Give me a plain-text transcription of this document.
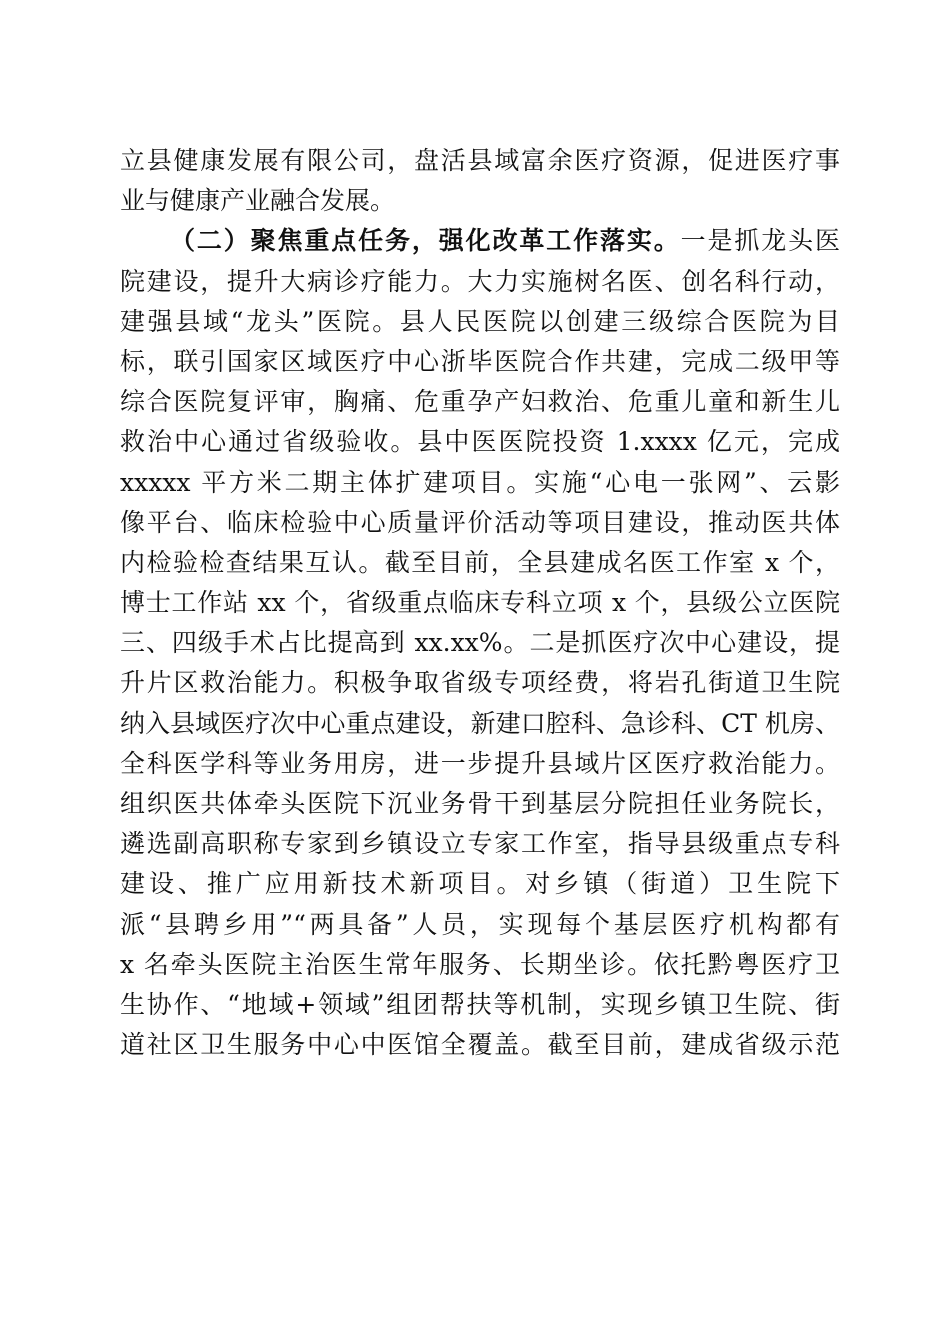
立县健康发展有限公司，盘活县域富余医疗资源，促进医疗事
业与健康产业融合发展。
（二）聚焦重点任务，强化改革工作落实。一是抓龙头医
院建设，提升大病诊疗能力。大力实施树名医、创名科行动，
建强县域“龙头”医院。县人民医院以创建三级综合医院为目
标，联引国家区域医疗中心浙毕医院合作共建，完成二级甲等
综合医院复评审，胸痛、危重孕产妇救治、危重儿童和新生儿
救治中心通过省级验收。县中医医院投资 1.xxxx 亿元，完成
xxxxx 平方米二期主体扩建项目。实施“心电一张网”、云影
像平台、临床检验中心质量评价活动等项目建设，推动医共体
内检验检查结果互认。截至目前，全县建成名医工作室 x 个，
博士工作站 xx 个，省级重点临床专科立项 x 个，县级公立医院
三、四级手术占比提高到 xx.xx%。二是抓医疗次中心建设，提
升片区救治能力。积极争取省级专项经费，将岩孔街道卫生院
纳入县域医疗次中心重点建设，新建口腔科、急诊科、CT 机房、
全科医学科等业务用房，进一步提升县域片区医疗救治能力。
组织医共体牵头医院下沉业务骨干到基层分院担任业务院长，
遴选副高职称专家到乡镇设立专家工作室，指导县级重点专科
建设、推广应用新技术新项目。对乡镇（街道）卫生院下
派“县聘乡用”“两具备”人员，实现每个基层医疗机构都有
x 名牵头医院主治医生常年服务、长期坐诊。依托黔粤医疗卫
生协作、“地域+领域”组团帮扶等机制，实现乡镇卫生院、街
道社区卫生服务中心中医馆全覆盖。截至目前，建成省级示范
